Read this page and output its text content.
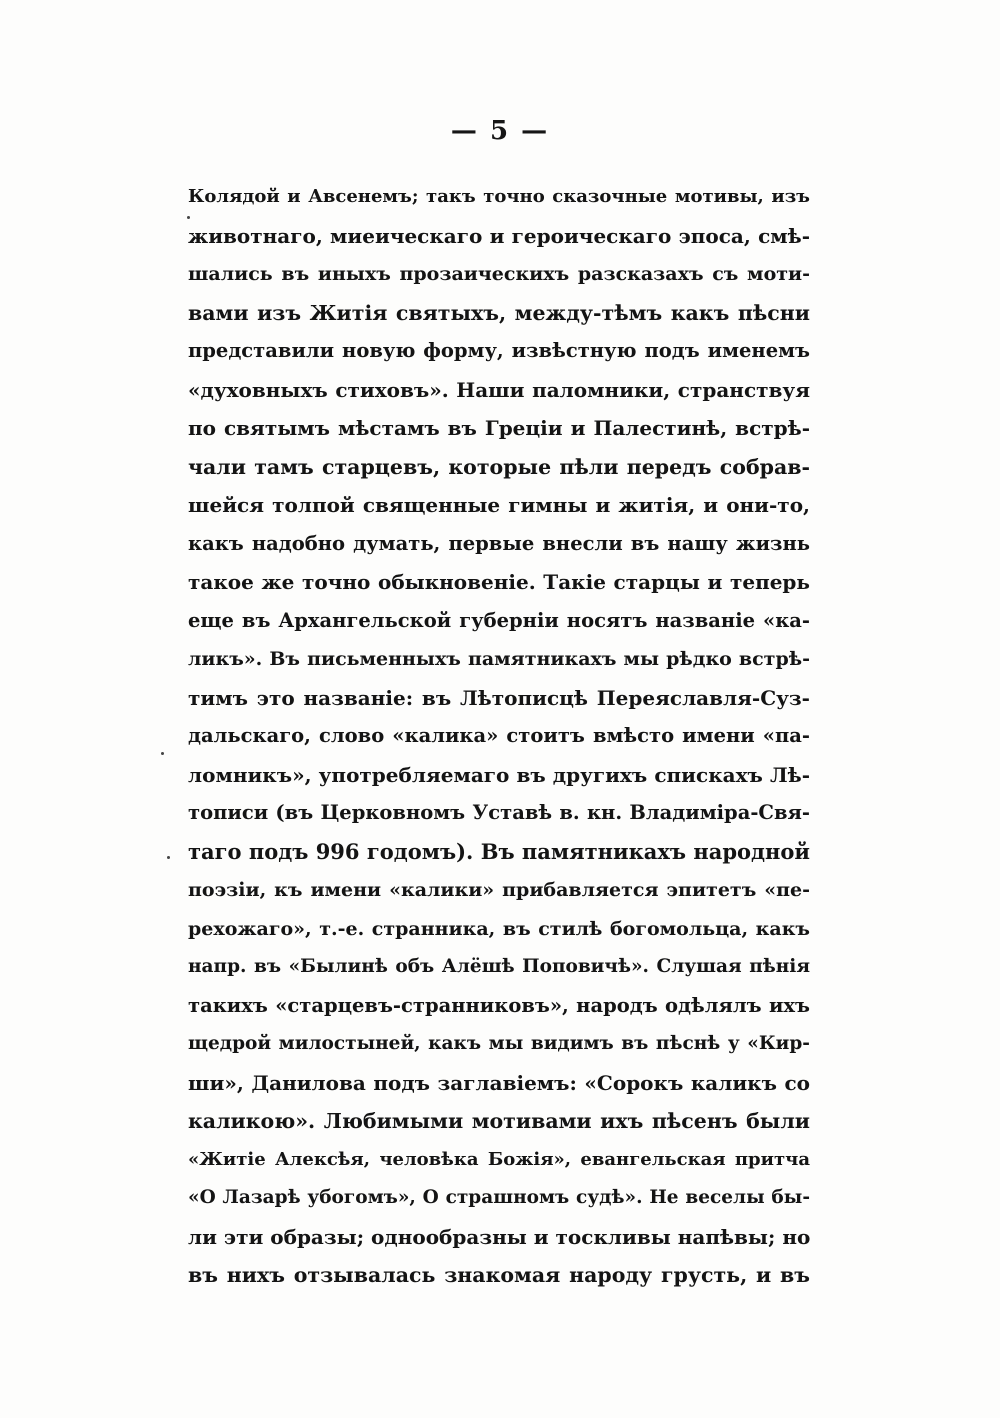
— 5 —
Колядой и Авсенемъ; такъ точно сказочные мотивы, изъ
животнаго, миеическаго и героическаго эпоса, смѣ-
шались въ иныхъ прозаическихъ разсказахъ съ моти-
вами изъ Житія святыхъ, между-тѣмъ какъ пѣсни
представили новую форму, извѣстную подъ именемъ
«духовныхъ стиховъ». Наши паломники, странствуя
по святымъ мѣстамъ въ Греціи и Палестинѣ, встрѣ-
чали тамъ старцевъ, которые пѣли передъ собрав-
шейся толпой священные гимны и житія, и они-то,
какъ надобно думать, первые внесли въ нашу жизнь
такое же точно обыкновеніе. Такіе старцы и теперь
еще въ Архангельской губерніи носятъ названіе «ка-
ликъ». Въ письменныхъ памятникахъ мы рѣдко встрѣ-
тимъ это названіе: въ Лѣтописцѣ Переяславля-Суз-
дальскаго, слово «калика» стоитъ вмѣсто имени «па-
ломникъ», употребляемаго въ другихъ спискахъ Лѣ-
тописи (въ Церковномъ Уставѣ в. кн. Владиміра-Свя-
таго подъ 996 годомъ). Въ памятникахъ народной
поэзіи, къ имени «калики» прибавляется эпитетъ «пе-
рехожаго», т.-е. странника, въ стилѣ богомольца, какъ
напр. въ «Былинѣ объ Алёшѣ Поповичѣ». Слушая пѣнія
такихъ «старцевъ-странниковъ», народъ одѣлялъ ихъ
щедрой милостыней, какъ мы видимъ въ пѣснѣ у «Кир-
ши», Данилова подъ заглавіемъ: «Сорокъ каликъ со
каликою». Любимыми мотивами ихъ пѣсенъ были
«Житіе Алексѣя, человѣка Божія», евангельская притча
«О Лазарѣ убогомъ», О страшномъ судѣ». Не веселы бы-
ли эти образы; однообразны и тоскливы напѣвы; но
въ нихъ отзывалась знакомая народу грусть, и въ
